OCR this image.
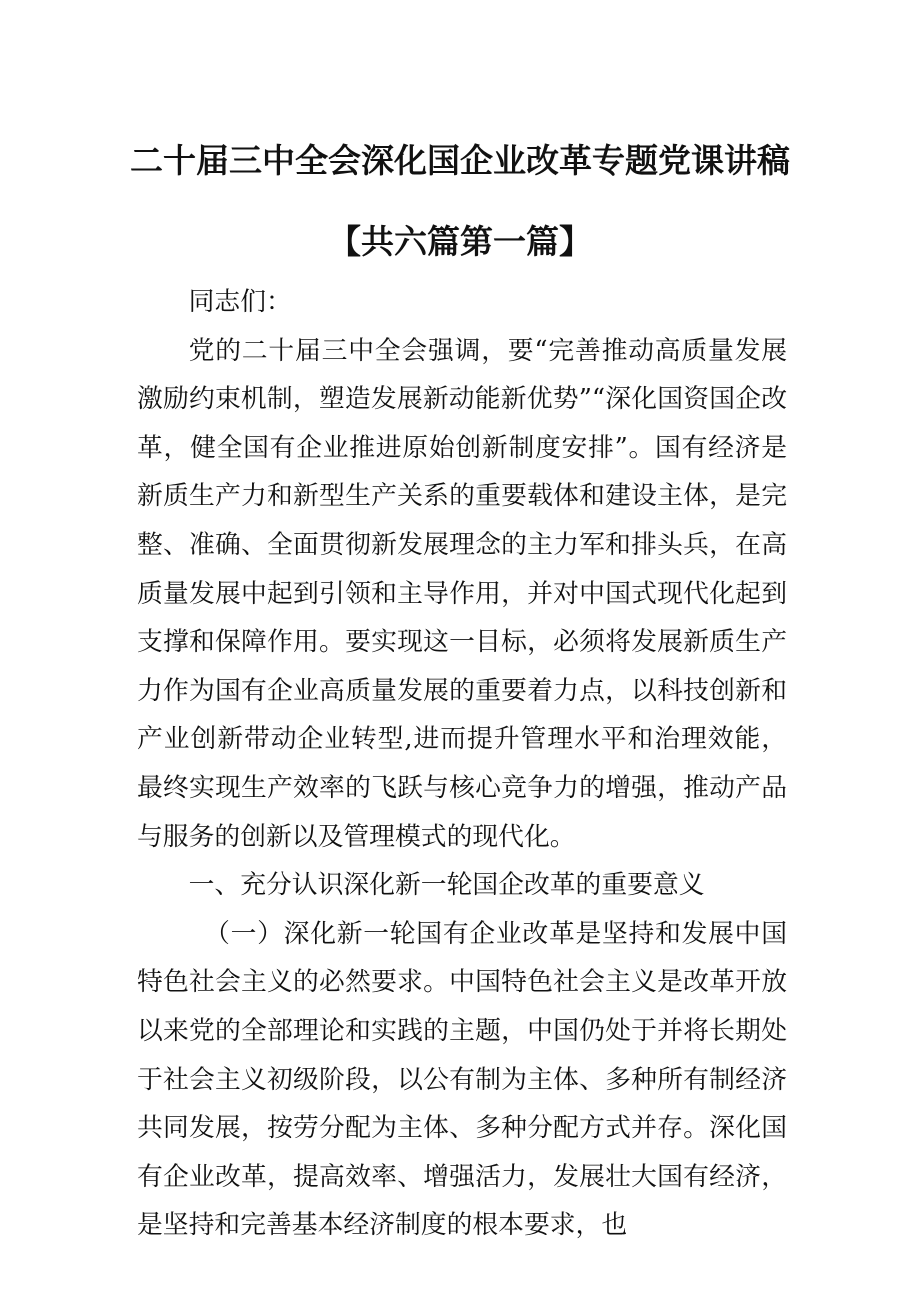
二十届三中全会深化国企业改革专题党课讲稿
【共六篇第一篇】

同志们：

党的二十届三中全会强调，要“完善推动高质量发展激励约束机制，塑造发展新动能新优势”“深化国资国企改革，健全国有企业推进原始创新制度安排”。国有经济是新质生产力和新型生产关系的重要载体和建设主体，是完整、准确、全面贯彻新发展理念的主力军和排头兵，在高质量发展中起到引领和主导作用，并对中国式现代化起到支撑和保障作用。要实现这一目标，必须将发展新质生产力作为国有企业高质量发展的重要着力点，以科技创新和产业创新带动企业转型,进而提升管理水平和治理效能，最终实现生产效率的飞跃与核心竞争力的增强，推动产品与服务的创新以及管理模式的现代化。

一、充分认识深化新一轮国企改革的重要意义

（一）深化新一轮国有企业改革是坚持和发展中国特色社会主义的必然要求。中国特色社会主义是改革开放以来党的全部理论和实践的主题，中国仍处于并将长期处于社会主义初级阶段，以公有制为主体、多种所有制经济共同发展，按劳分配为主体、多种分配方式并存。深化国有企业改革，提高效率、增强活力，发展壮大国有经济，是坚持和完善基本经济制度的根本要求，也
